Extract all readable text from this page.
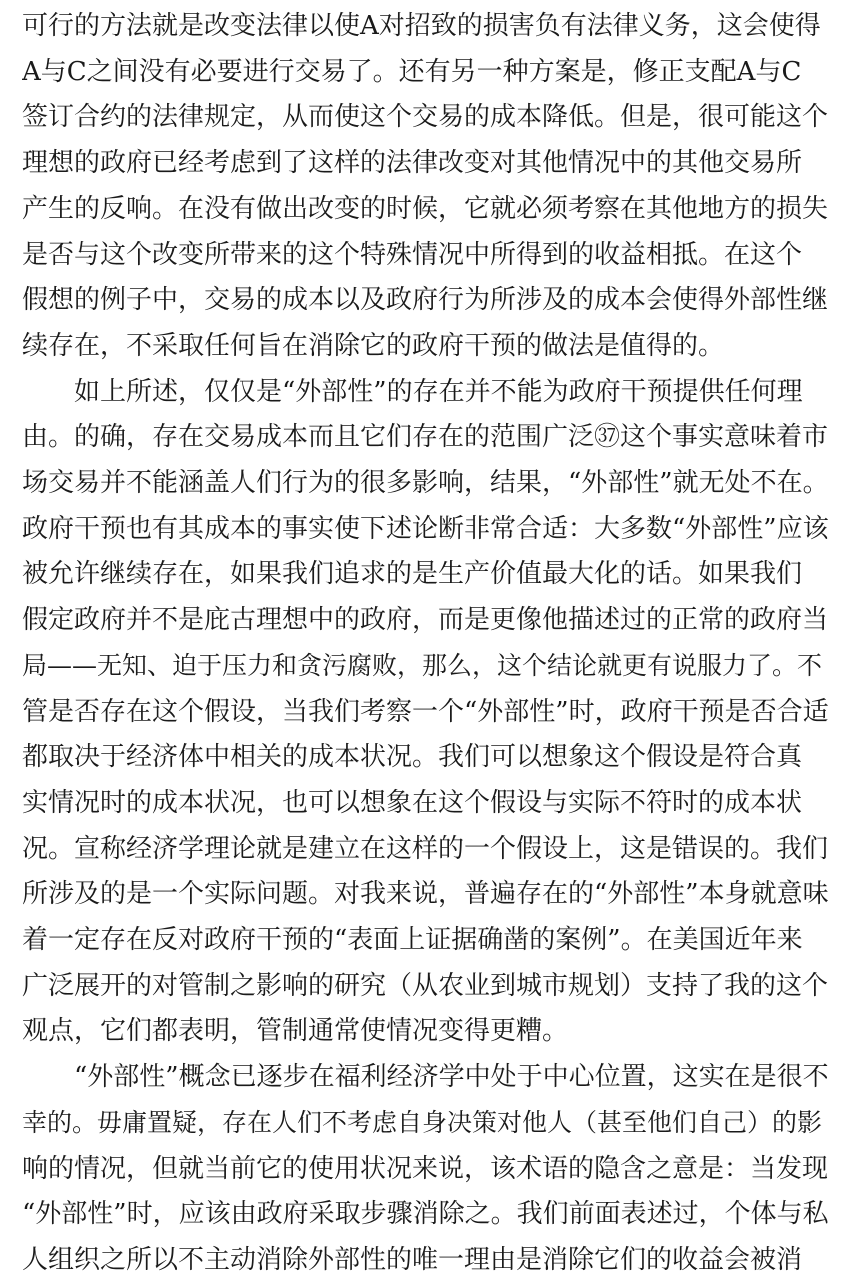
可行的方法就是改变法律以使A对招致的损害负有法律义务，这会使得
A与C之间没有必要进行交易了。还有另一种方案是，修正支配A与C
签订合约的法律规定，从而使这个交易的成本降低。但是，很可能这个
理想的政府已经考虑到了这样的法律改变对其他情况中的其他交易所
产生的反响。在没有做出改变的时候，它就必须考察在其他地方的损失
是否与这个改变所带来的这个特殊情况中所得到的收益相抵。在这个
假想的例子中，交易的成本以及政府行为所涉及的成本会使得外部性继
续存在，不采取任何旨在消除它的政府干预的做法是值得的。
　　如上所述，仅仅是“外部性”的存在并不能为政府干预提供任何理
由。的确，存在交易成本而且它们存在的范围广泛㊲这个事实意味着市
场交易并不能涵盖人们行为的很多影响，结果，“外部性”就无处不在。
政府干预也有其成本的事实使下述论断非常合适：大多数“外部性”应该
被允许继续存在，如果我们追求的是生产价值最大化的话。如果我们
假定政府并不是庇古理想中的政府，而是更像他描述过的正常的政府当
局——无知、迫于压力和贪污腐败，那么，这个结论就更有说服力了。不
管是否存在这个假设，当我们考察一个“外部性”时，政府干预是否合适
都取决于经济体中相关的成本状况。我们可以想象这个假设是符合真
实情况时的成本状况，也可以想象在这个假设与实际不符时的成本状
况。宣称经济学理论就是建立在这样的一个假设上，这是错误的。我们
所涉及的是一个实际问题。对我来说，普遍存在的“外部性”本身就意味
着一定存在反对政府干预的“表面上证据确凿的案例”。在美国近年来
广泛展开的对管制之影响的研究（从农业到城市规划）支持了我的这个
观点，它们都表明，管制通常使情况变得更糟。
　　“外部性”概念已逐步在福利经济学中处于中心位置，这实在是很不
幸的。毋庸置疑，存在人们不考虑自身决策对他人（甚至他们自己）的影
响的情况，但就当前它的使用状况来说，该术语的隐含之意是：当发现
“外部性”时，应该由政府采取步骤消除之。我们前面表述过，个体与私
人组织之所以不主动消除外部性的唯一理由是消除它们的收益会被消
